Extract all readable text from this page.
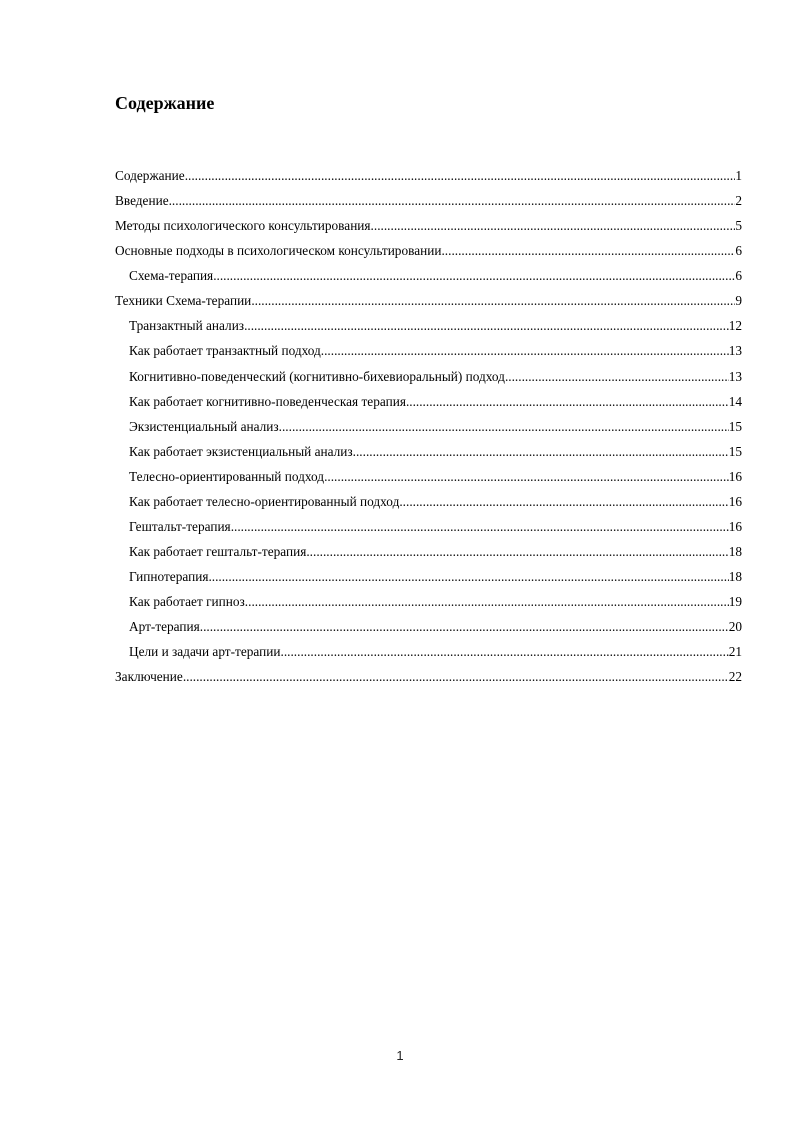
Содержание
Содержание .....	1
Введение .....	2
Методы психологического консультирования .....	5
Основные подходы в психологическом консультировании .....	6
Схема-терапия .....	6
Техники Схема-терапии .....	9
Транзактный анализ .....	12
Как работает транзактный подход .....	13
Когнитивно-поведенческий (когнитивно-бихевиоральный) подход .....	13
Как работает когнитивно-поведенческая терапия .....	14
Экзистенциальный анализ .....	15
Как работает экзистенциальный анализ .....	15
Телесно-ориентированный подход .....	16
Как работает телесно-ориентированный подход .....	16
Гештальт-терапия .....	16
Как работает гештальт-терапия .....	18
Гипнотерапия .....	18
Как работает гипноз .....	19
Арт-терапия .....	20
Цели и задачи арт-терапии .....	21
Заключение .....	22
1
